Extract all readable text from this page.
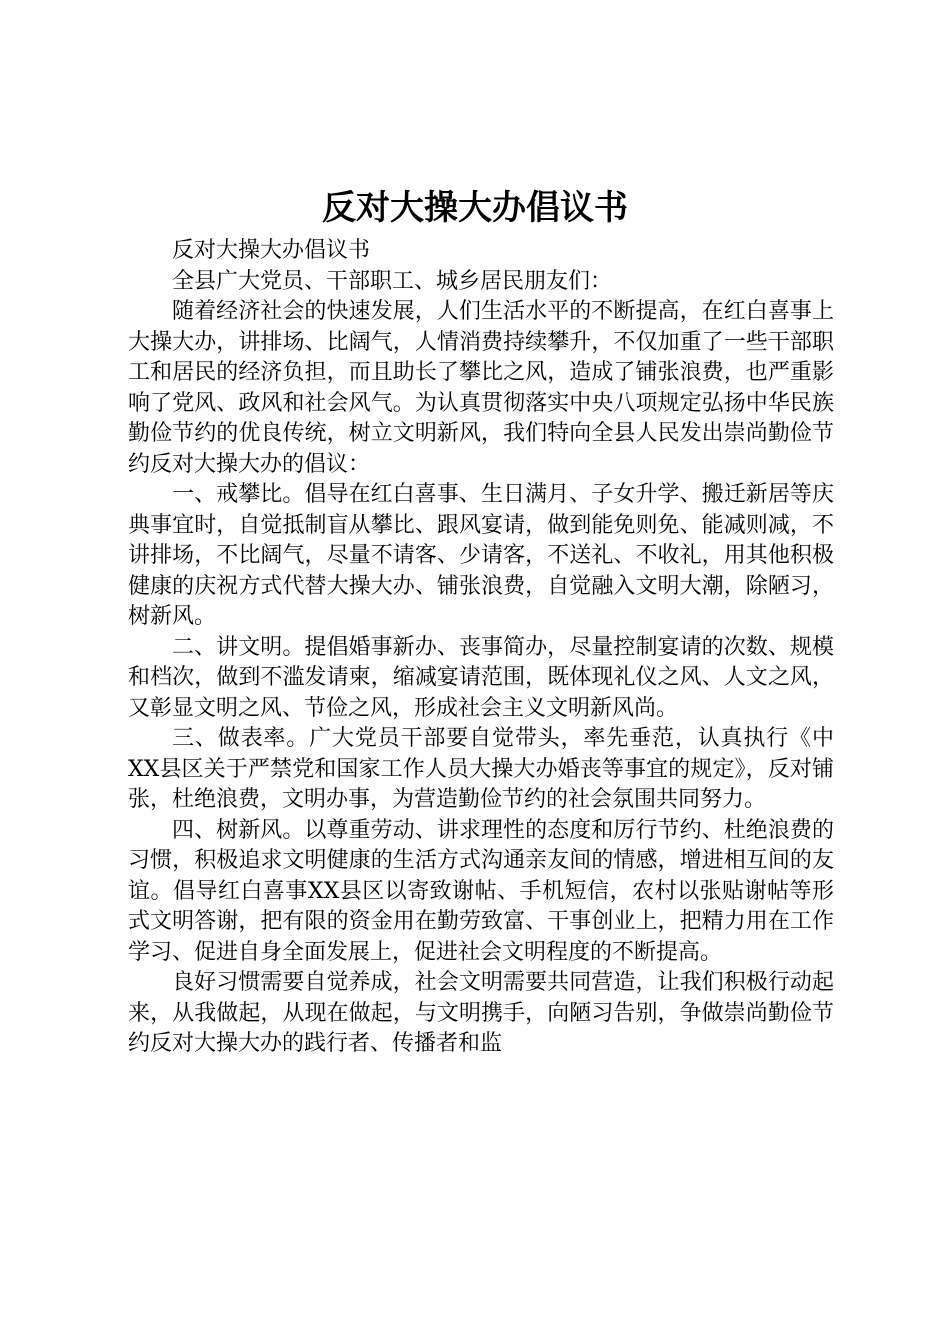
反对大操大办倡议书

反对大操大办倡议书

全县广大党员、干部职工、城乡居民朋友们：

随着经济社会的快速发展，人们生活水平的不断提高，在红白喜事上大操大办，讲排场、比阔气，人情消费持续攀升，不仅加重了一些干部职工和居民的经济负担，而且助长了攀比之风，造成了铺张浪费，也严重影响了党风、政风和社会风气。为认真贯彻落实中央八项规定弘扬中华民族勤俭节约的优良传统，树立文明新风，我们特向全县人民发出崇尚勤俭节约反对大操大办的倡议：

一、戒攀比。倡导在红白喜事、生日满月、子女升学、搬迁新居等庆典事宜时，自觉抵制盲从攀比、跟风宴请，做到能免则免、能减则减，不讲排场，不比阔气，尽量不请客、少请客，不送礼、不收礼，用其他积极健康的庆祝方式代替大操大办、铺张浪费，自觉融入文明大潮，除陋习，树新风。

二、讲文明。提倡婚事新办、丧事简办，尽量控制宴请的次数、规模和档次，做到不滥发请柬，缩减宴请范围，既体现礼仪之风、人文之风，又彰显文明之风、节俭之风，形成社会主义文明新风尚。

三、做表率。广大党员干部要自觉带头，率先垂范，认真执行《中XX县区关于严禁党和国家工作人员大操大办婚丧等事宜的规定》，反对铺张，杜绝浪费，文明办事，为营造勤俭节约的社会氛围共同努力。

四、树新风。以尊重劳动、讲求理性的态度和厉行节约、杜绝浪费的习惯，积极追求文明健康的生活方式沟通亲友间的情感，增进相互间的友谊。倡导红白喜事XX县区以寄致谢帖、手机短信，农村以张贴谢帖等形式文明答谢，把有限的资金用在勤劳致富、干事创业上，把精力用在工作学习、促进自身全面发展上，促进社会文明程度的不断提高。

良好习惯需要自觉养成，社会文明需要共同营造，让我们积极行动起来，从我做起，从现在做起，与文明携手，向陋习告别，争做崇尚勤俭节约反对大操大办的践行者、传播者和监
